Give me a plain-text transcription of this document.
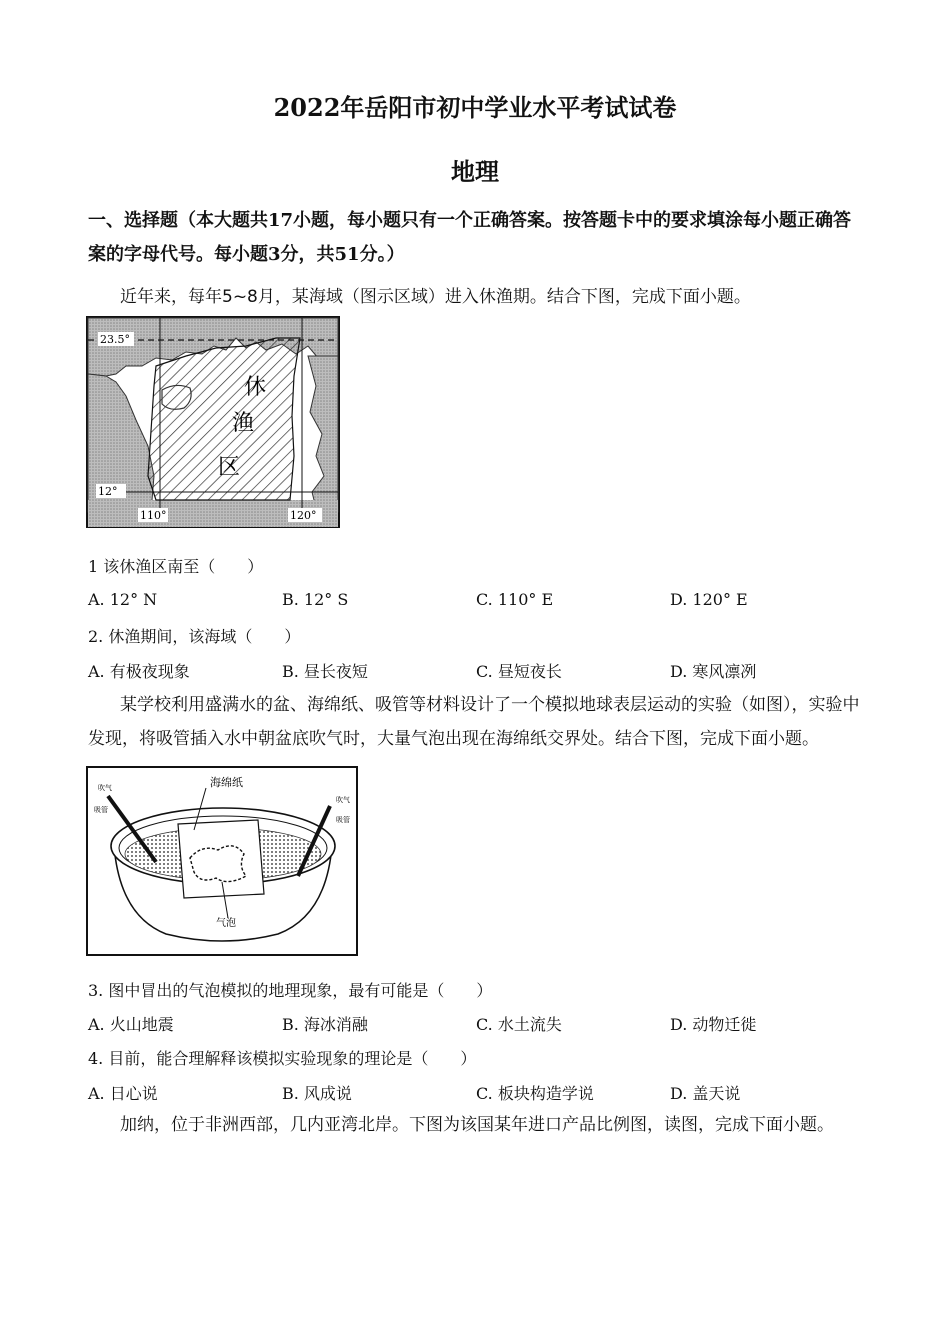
2022年岳阳市初中学业水平考试试卷
地理
一、选择题（本大题共17小题，每小题只有一个正确答案。按答题卡中的要求填涂每小题正确答案的字母代号。每小题3分，共51分。）
近年来，每年5~8月，某海域（图示区域）进入休渔期。结合下图，完成下面小题。
23.5°
12°
110°	120°
休
渔
区
1 该休渔区南至（　　）
A. 12° N	B. 12° S	C. 110° E	D. 120° E
2. 休渔期间，该海域（　　）
A. 有极夜现象	B. 昼长夜短	C. 昼短夜长	D. 寒风凛冽
某学校利用盛满水的盆、海绵纸、吸管等材料设计了一个模拟地球表层运动的实验（如图），实验中
发现，将吸管插入水中朝盆底吹气时，大量气泡出现在海绵纸交界处。结合下图，完成下面小题。
海绵纸
气泡
吹气
吸管
吹气
吸管
3. 图中冒出的气泡模拟的地理现象，最有可能是（　　）
A. 火山地震	B. 海冰消融	C. 水土流失	D. 动物迁徙
4. 目前，能合理解释该模拟实验现象的理论是（　　）
A. 日心说	B. 风成说	C. 板块构造学说	D. 盖天说
加纳，位于非洲西部，几内亚湾北岸。下图为该国某年进口产品比例图，读图，完成下面小题。
